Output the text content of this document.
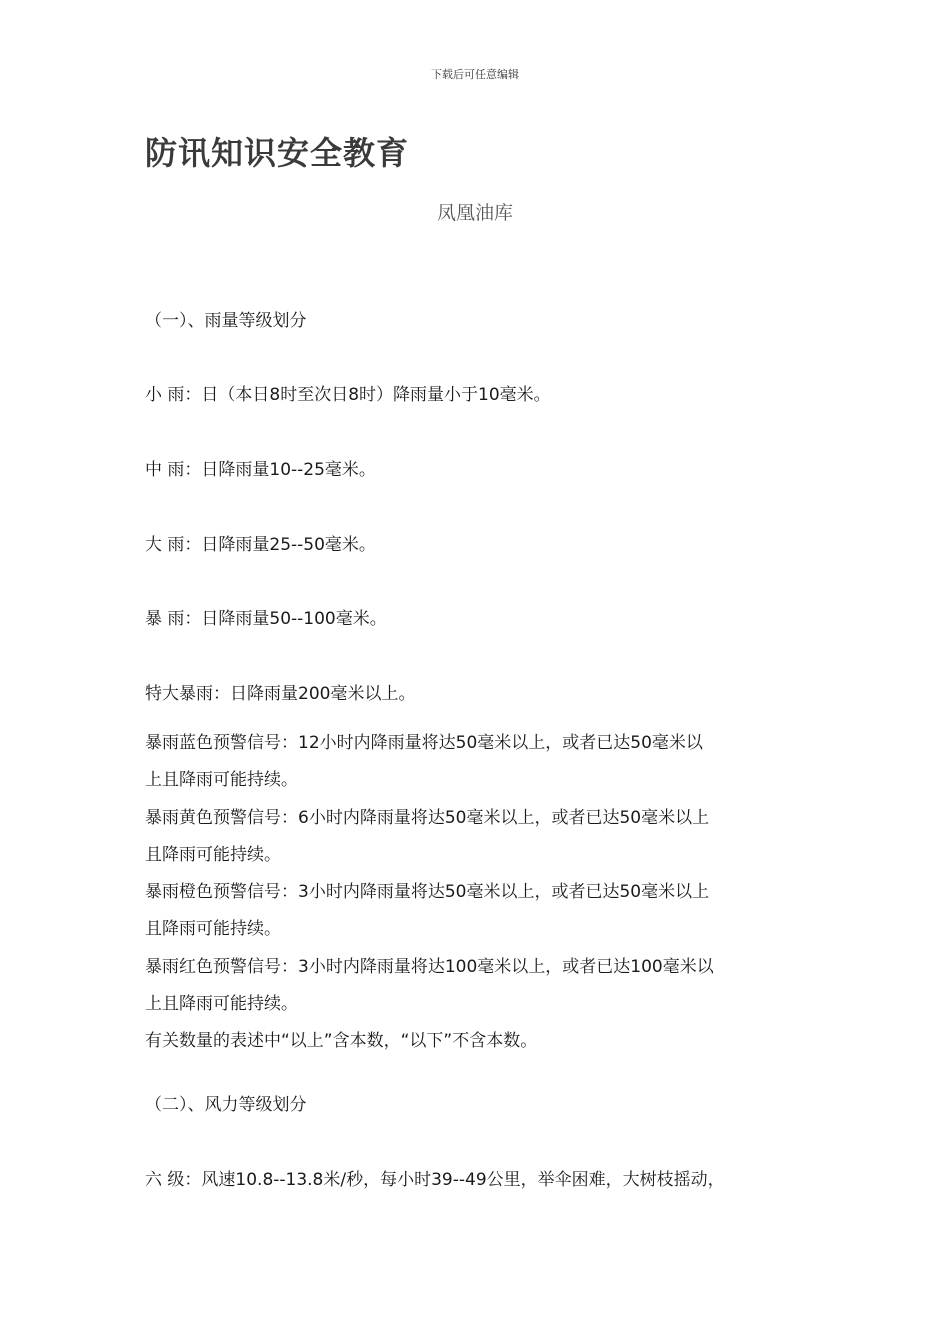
下载后可任意编辑
防讯知识安全教育
凤凰油库
（一）、雨量等级划分
小 雨：日（本日8时至次日8时）降雨量小于10毫米。
中 雨：日降雨量10--25毫米。
大 雨：日降雨量25--50毫米。
暴 雨：日降雨量50--100毫米。
特大暴雨：日降雨量200毫米以上。
暴雨蓝色预警信号：12小时内降雨量将达50毫米以上，或者已达50毫米以
上且降雨可能持续。
暴雨黄色预警信号：6小时内降雨量将达50毫米以上，或者已达50毫米以上
且降雨可能持续。
暴雨橙色预警信号：3小时内降雨量将达50毫米以上，或者已达50毫米以上
且降雨可能持续。
暴雨红色预警信号：3小时内降雨量将达100毫米以上，或者已达100毫米以
上且降雨可能持续。
有关数量的表述中“以上”含本数，“以下”不含本数。
（二）、风力等级划分
六 级：风速10.8--13.8米/秒，每小时39--49公里，举伞困难，大树枝摇动，
